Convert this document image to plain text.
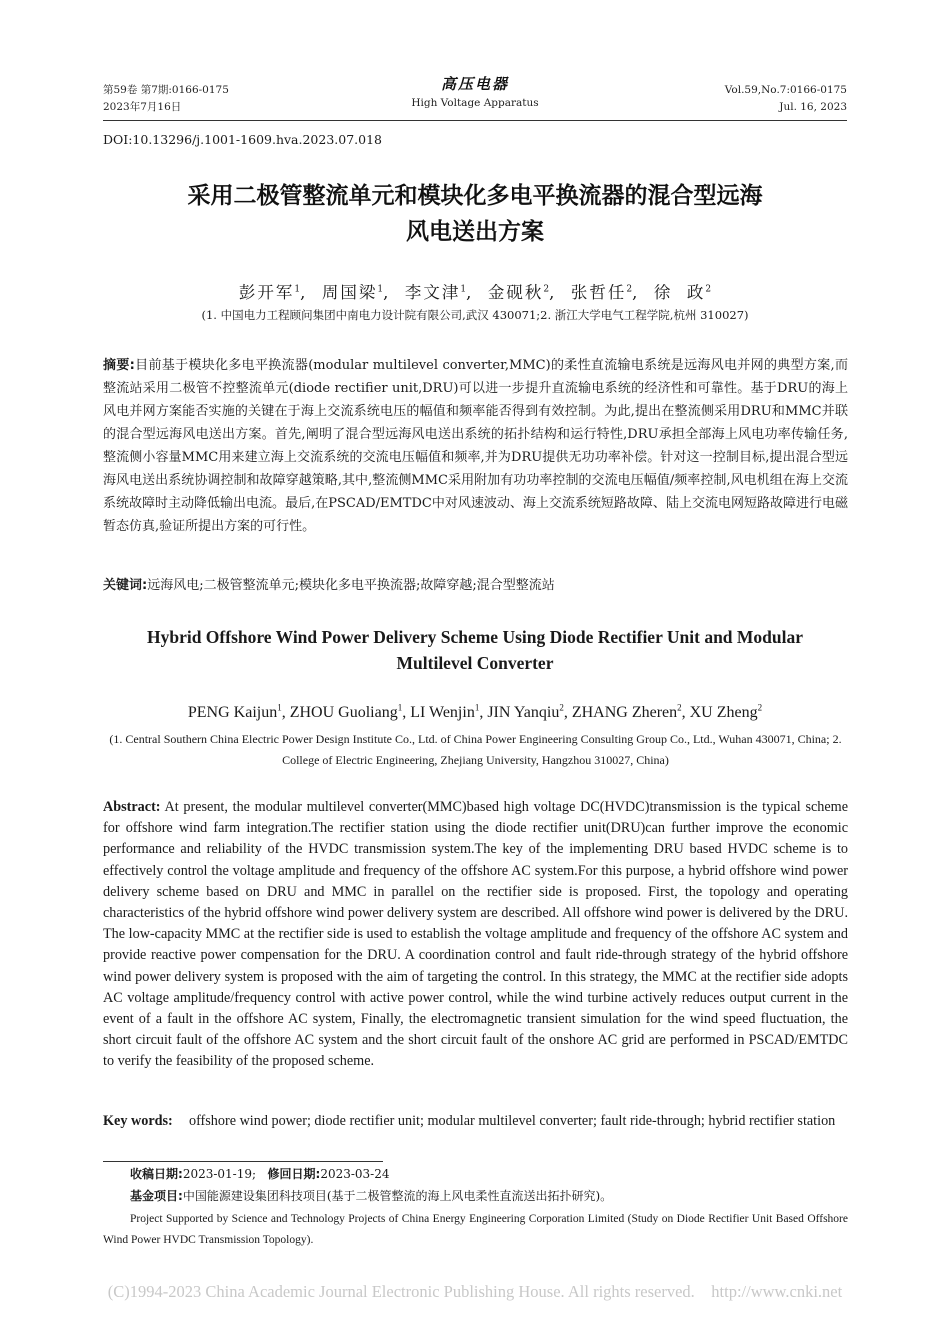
第59卷 第7期:0166-0175
2023年7月16日
高压电器
High Voltage Apparatus
Vol.59,No.7:0166-0175
Jul. 16, 2023
DOI:10.13296/j.1001-1609.hva.2023.07.018
采用二极管整流单元和模块化多电平换流器的混合型远海
风电送出方案
彭开军$^1$,  周国梁$^1$,  李文津$^1$,  金砚秋$^2$,  张哲任$^2$,  徐  政$^2$
(1. 中国电力工程顾问集团中南电力设计院有限公司,武汉 430071;2. 浙江大学电气工程学院,杭州 310027)
摘要:目前基于模块化多电平换流器(modular multilevel converter,MMC)的柔性直流输电系统是远海风电并网的典型方案,而整流站采用二极管不控整流单元(diode rectifier unit,DRU)可以进一步提升直流输电系统的经济性和可靠性。基于DRU的海上风电并网方案能否实施的关键在于海上交流系统电压的幅值和频率能否得到有效控制。为此,提出在整流侧采用DRU和MMC并联的混合型远海风电送出方案。首先,阐明了混合型远海风电送出系统的拓扑结构和运行特性,DRU承担全部海上风电功率传输任务,整流侧小容量MMC用来建立海上交流系统的交流电压幅值和频率,并为DRU提供无功功率补偿。针对这一控制目标,提出混合型远海风电送出系统协调控制和故障穿越策略,其中,整流侧MMC采用附加有功功率控制的交流电压幅值/频率控制,风电机组在海上交流系统故障时主动降低输出电流。最后,在PSCAD/EMTDC中对风速波动、海上交流系统短路故障、陆上交流电网短路故障进行电磁暂态仿真,验证所提出方案的可行性。
关键词:远海风电;二极管整流单元;模块化多电平换流器;故障穿越;混合型整流站
Hybrid Offshore Wind Power Delivery Scheme Using Diode Rectifier Unit and Modular
Multilevel Converter
PENG Kaijun$^1$, ZHOU Guoliang$^1$, LI Wenjin$^1$, JIN Yanqiu$^2$, ZHANG Zheren$^2$, XU Zheng$^2$
(1. Central Southern China Electric Power Design Institute Co., Ltd. of China Power Engineering Consulting Group Co., Ltd., Wuhan 430071, China; 2. College of Electric Engineering, Zhejiang University, Hangzhou 310027, China)
Abstract: At present, the modular multilevel converter(MMC)based high voltage DC(HVDC)transmission is the typical scheme for offshore wind farm integration.The rectifier station using the diode rectifier unit(DRU)can further improve the economic performance and reliability of the HVDC transmission system.The key of the implementing DRU based HVDC scheme is to effectively control the voltage amplitude and frequency of the offshore AC system.For this purpose, a hybrid offshore wind power delivery scheme based on DRU and MMC in parallel on the rectifier side is proposed. First, the topology and operating characteristics of the hybrid offshore wind power delivery system are described. All offshore wind power is delivered by the DRU. The low-capacity MMC at the rectifier side is used to establish the voltage amplitude and frequency of the offshore AC system and provide reactive power compensation for the DRU. A coordination control and fault ride-through strategy of the hybrid offshore wind power delivery system is proposed with the aim of targeting the control. In this strategy, the MMC at the rectifier side adopts AC voltage amplitude/frequency control with active power control, while the wind turbine actively reduces output current in the event of a fault in the offshore AC system, Finally, the electromagnetic transient simulation for the wind speed fluctuation, the short circuit fault of the offshore AC system and the short circuit fault of the onshore AC grid are performed in PSCAD/EMTDC to verify the feasibility of the proposed scheme.
Key words:	offshore wind power; diode rectifier unit; modular multilevel converter; fault ride-through; hybrid rectifier station
收稿日期:2023-01-19; 修回日期:2023-03-24
基金项目:中国能源建设集团科技项目(基于二极管整流的海上风电柔性直流送出拓扑研究)。
Project Supported by Science and Technology Projects of China Energy Engineering Corporation Limited (Study on Diode Rectifier Unit Based Offshore Wind Power HVDC Transmission Topology).
(C)1994-2023 China Academic Journal Electronic Publishing House. All rights reserved.    http://www.cnki.net
